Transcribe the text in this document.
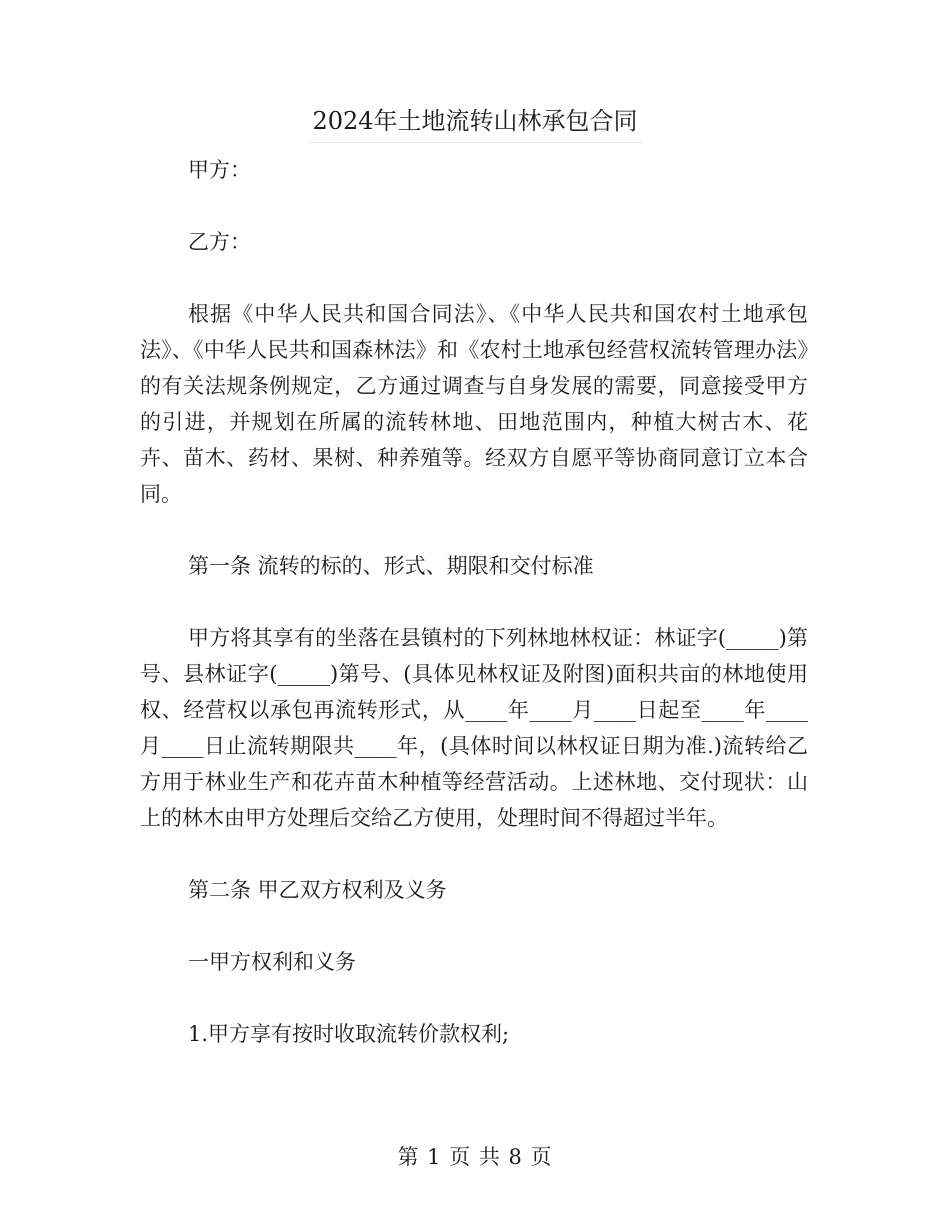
2024年土地流转山林承包合同

甲方：

乙方：

根据《中华人民共和国合同法》、《中华人民共和国农村土地承包法》、《中华人民共和国森林法》和《农村土地承包经营权流转管理办法》的有关法规条例规定，乙方通过调查与自身发展的需要，同意接受甲方的引进，并规划在所属的流转林地、田地范围内，种植大树古木、花卉、苗木、药材、果树、种养殖等。经双方自愿平等协商同意订立本合同。

第一条 流转的标的、形式、期限和交付标准

甲方将其享有的坐落在县镇村的下列林地林权证：林证字(_____)第号、县林证字(_____)第号、(具体见林权证及附图)面积共亩的林地使用权、经营权以承包再流转形式，从____年____月____日起至____年____月____日止流转期限共____年，(具体时间以林权证日期为准.)流转给乙方用于林业生产和花卉苗木种植等经营活动。上述林地、交付现状：山上的林木由甲方处理后交给乙方使用，处理时间不得超过半年。

第二条 甲乙双方权利及义务

一甲方权利和义务

1.甲方享有按时收取流转价款权利;

第 1 页 共 8 页
